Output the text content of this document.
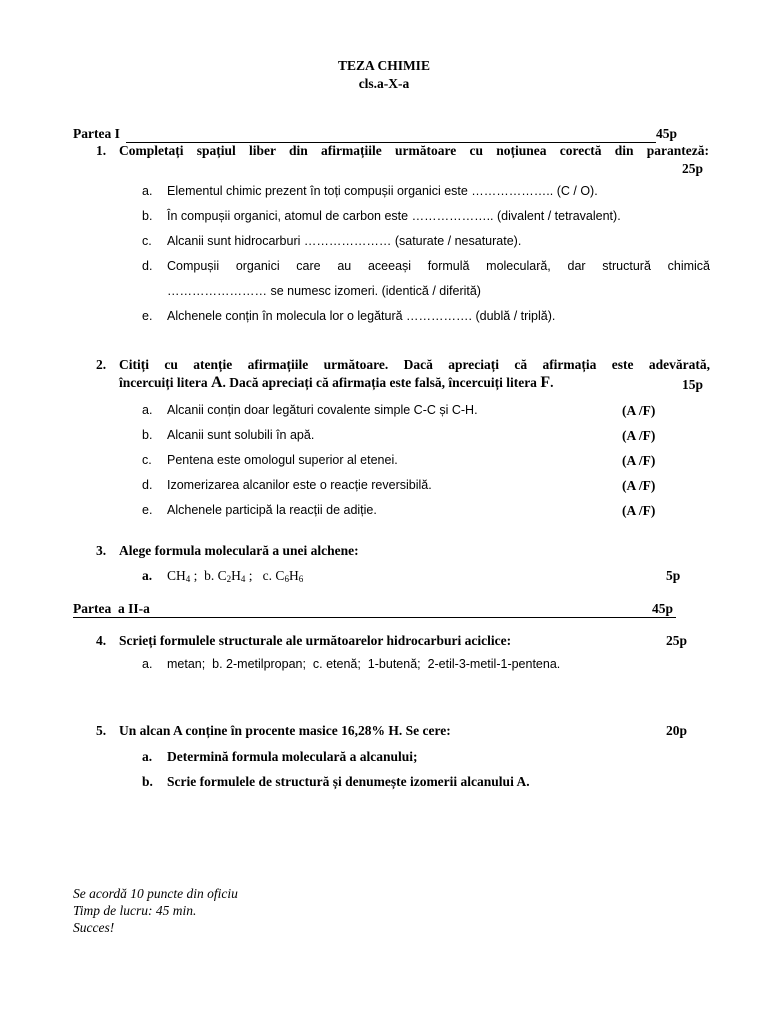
TEZA CHIMIE
cls.a-X-a
Partea I	45p
1. Completați spațiul liber din afirmațiile următoare cu noțiunea corectă din paranteză:
25p
a. Elementul chimic prezent în toți compușii organici este ……………….. (C / O).
b. În compușii organici, atomul de carbon este ……………….. (divalent / tetravalent).
c. Alcanii sunt hidrocarburi ………………… (saturate / nesaturate).
d. Compușii organici care au aceeași formulă moleculară, dar structură chimică
…………………… se numesc izomeri. (identică / diferită)
e. Alchenele conțin în molecula lor o legătură ……………. (dublă / triplă).
2. Citiți cu atenție afirmațiile următoare. Dacă apreciați că afirmația este adevărată,
încercuiți litera A. Dacă apreciați că afirmația este falsă, încercuiți litera F.	15p
a. Alcanii conțin doar legături covalente simple C-C și C-H.	(A /F)
b. Alcanii sunt solubili în apă.	(A /F)
c. Pentena este omologul superior al etenei.	(A /F)
d. Izomerizarea alcanilor este o reacție reversibilă.	(A /F)
e. Alchenele participă la reacții de adiție.	(A /F)
3. Alege formula moleculară a unei alchene:
a. $CH_4$ ;  b. $C_2H_4$ ;   c. $C_6H_6$	5p
Partea  a II-a	45p
4. Scrieți formulele structurale ale următoarelor hidrocarburi aciclice:	25p
a. metan;  b. 2-metilpropan;  c. etenă;  1-butenă;  2-etil-3-metil-1-pentena.
5. Un alcan A conține în procente masice 16,28% H. Se cere:	20p
a. Determină formula moleculară a alcanului;
b. Scrie formulele de structură și denumește izomerii alcanului A.
Se acordă 10 puncte din oficiu
Timp de lucru: 45 min.
Succes!
